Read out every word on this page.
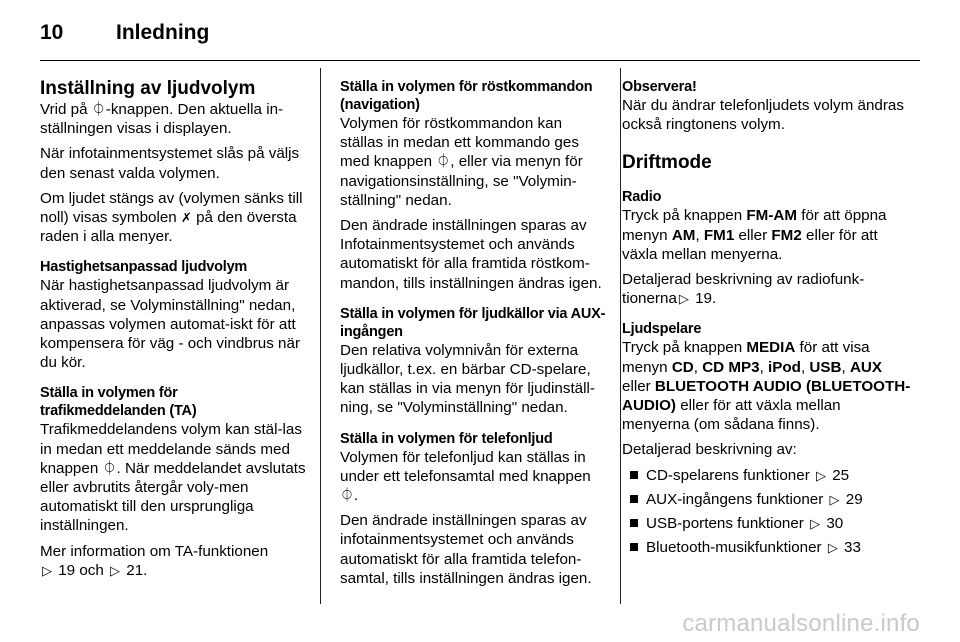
10	Inledning
Inställning av ljudvolym

Vrid på ⏀-knappen. Den aktuella in-ställningen visas i displayen.

När infotainmentsystemet slås på väljs den senast valda volymen.

Om ljudet stängs av (volymen sänks till noll) visas symbolen ✗ på den översta raden i alla menyer.

Hastighetsanpassad ljudvolym

När hastighetsanpassad ljudvolym är aktiverad, se Volyminställning" nedan, anpassas volymen automat-iskt för att kompensera för väg - och vindbrus när du kör.

Ställa in volymen för trafikmeddelanden (TA)

Trafikmeddelandens volym kan stäl-las in medan ett meddelande sänds med knappen ⏀. När meddelandet avslutats eller avbrutits återgår voly-men automatiskt till den ursprungliga inställningen.

Mer information om TA-funktionen
▷ 19 och ▷ 21.

Ställa in volymen för röstkommandon (navigation)

Volymen för röstkommandon kan ställas in medan ett kommando ges med knappen ⏀, eller via menyn för navigationsinställning, se "Volymin-ställning" nedan.

Den ändrade inställningen sparas av Infotainmentsystemet och används automatiskt för alla framtida röstkom-mandon, tills inställningen ändras igen.

Ställa in volymen för ljudkällor via AUX-ingången

Den relativa volymnivån för externa ljudkällor, t.ex. en bärbar CD-spelare, kan ställas in via menyn för ljudinställ-ning, se "Volyminställning" nedan.

Ställa in volymen för telefonljud

Volymen för telefonljud kan ställas in under ett telefonsamtal med knappen ⏀.

Den ändrade inställningen sparas av infotainmentsystemet och används automatiskt för alla framtida telefon-samtal, tills inställningen ändras igen.

Observera!

När du ändrar telefonljudets volym ändras också ringtonens volym.

Driftmode
Radio

Tryck på knappen FM-AM för att öppna menyn AM, FM1 eller FM2 eller för att växla mellan menyerna.

Detaljerad beskrivning av radiofunk-tionerna ▷ 19.

Ljudspelare

Tryck på knappen MEDIA för att visa menyn CD, CD MP3, iPod, USB, AUX eller BLUETOOTH AUDIO (BLUETOOTH-AUDIO) eller för att växla mellan menyerna (om sådana finns).

Detaljerad beskrivning av:

CD-spelarens funktioner ▷ 25
AUX-ingångens funktioner ▷ 29
USB-portens funktioner ▷ 30
Bluetooth-musikfunktioner ▷ 33
carmanualsonline.info
